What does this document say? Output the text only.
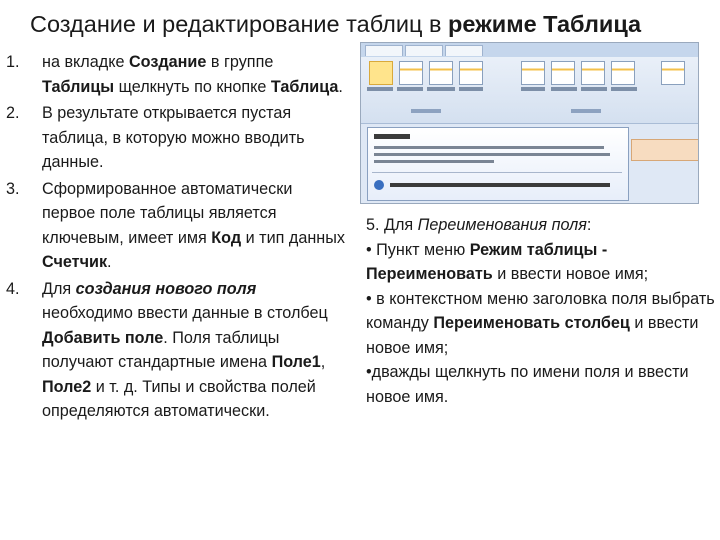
Создание и редактирование таблиц в режиме Таблица
1. на вкладке Создание в группе Таблицы щелкнуть по кнопке Таблица.
2. В результате открывается пустая таблица, в которую можно вводить данные.
3. Сформированное автоматически первое поле таблицы является ключевым, имеет имя Код и тип данных Счетчик.
4. Для создания нового поля необходимо ввести данные в столбец Добавить поле. Поля таблицы получают стандартные имена Поле1, Поле2 и т. д. Типы и свойства полей определяются автоматически.

5. Для Переименования поля:

• Пункт меню Режим таблицы - Переименовать и ввести новое имя;

• в контекстном меню заголовка поля выбрать команду Переименовать столбец и ввести новое имя;

•дважды щелкнуть по имени поля и ввести новое имя.
